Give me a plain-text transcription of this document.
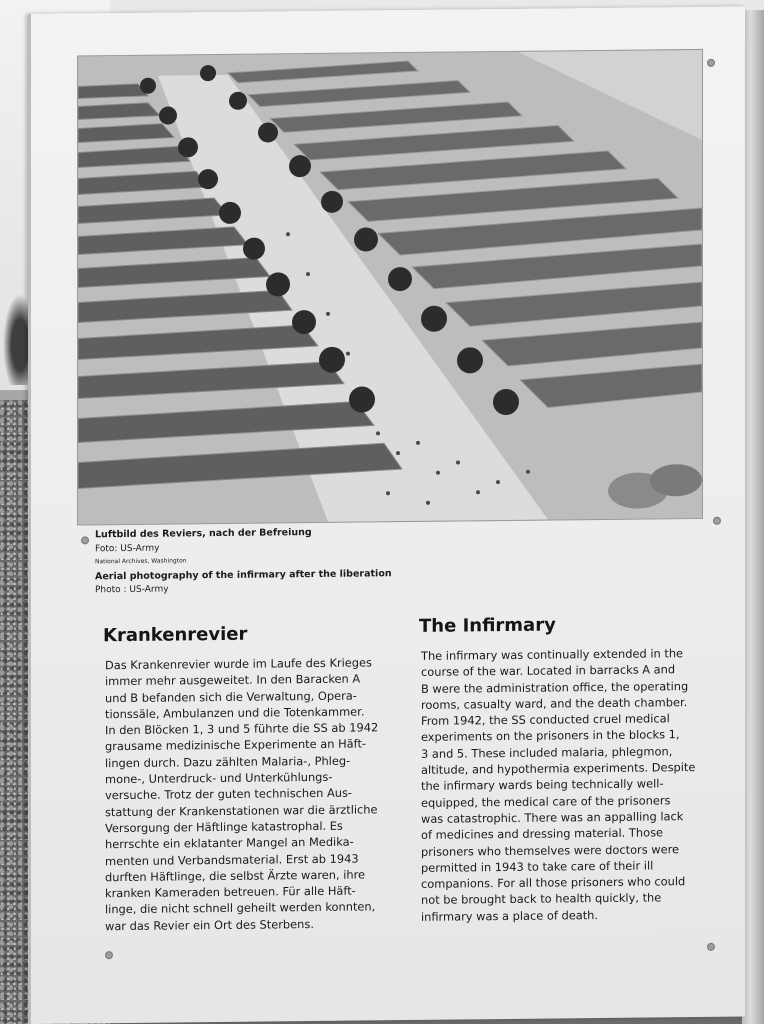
Luftbild des Reviers, nach der Befreiung
Foto: US-Army
National Archives, Washington
Aerial photography of the infirmary after the liberation
Photo : US-Army
Krankenrevier	The Infirmary

Das Krankenrevier wurde im Laufe des Krieges
immer mehr ausgeweitet. In den Baracken A
und B befanden sich die Verwaltung, Opera-
tionssäle, Ambulanzen und die Totenkammer.
In den Blöcken 1, 3 und 5 führte die SS ab 1942
grausame medizinische Experimente an Häft-
lingen durch. Dazu zählten Malaria-, Phleg-
mone-, Unterdruck- und Unterkühlungs-
versuche. Trotz der guten technischen Aus-
stattung der Krankenstationen war die ärztliche
Versorgung der Häftlinge katastrophal. Es
herrschte ein eklatanter Mangel an Medika-
menten und Verbandsmaterial. Erst ab 1943
durften Häftlinge, die selbst Ärzte waren, ihre
kranken Kameraden betreuen. Für alle Häft-
linge, die nicht schnell geheilt werden konnten,
war das Revier ein Ort des Sterbens.

The infirmary was continually extended in the
course of the war. Located in barracks A and
B were the administration office, the operating
rooms, casualty ward, and the death chamber.
From 1942, the SS conducted cruel medical
experiments on the prisoners in the blocks 1,
3 and 5. These included malaria, phlegmon,
altitude, and hypothermia experiments. Despite
the infirmary wards being technically well-
equipped, the medical care of the prisoners
was catastrophic. There was an appalling lack
of medicines and dressing material. Those
prisoners who themselves were doctors were
permitted in 1943 to take care of their ill
companions. For all those prisoners who could
not be brought back to health quickly, the
infirmary was a place of death.
